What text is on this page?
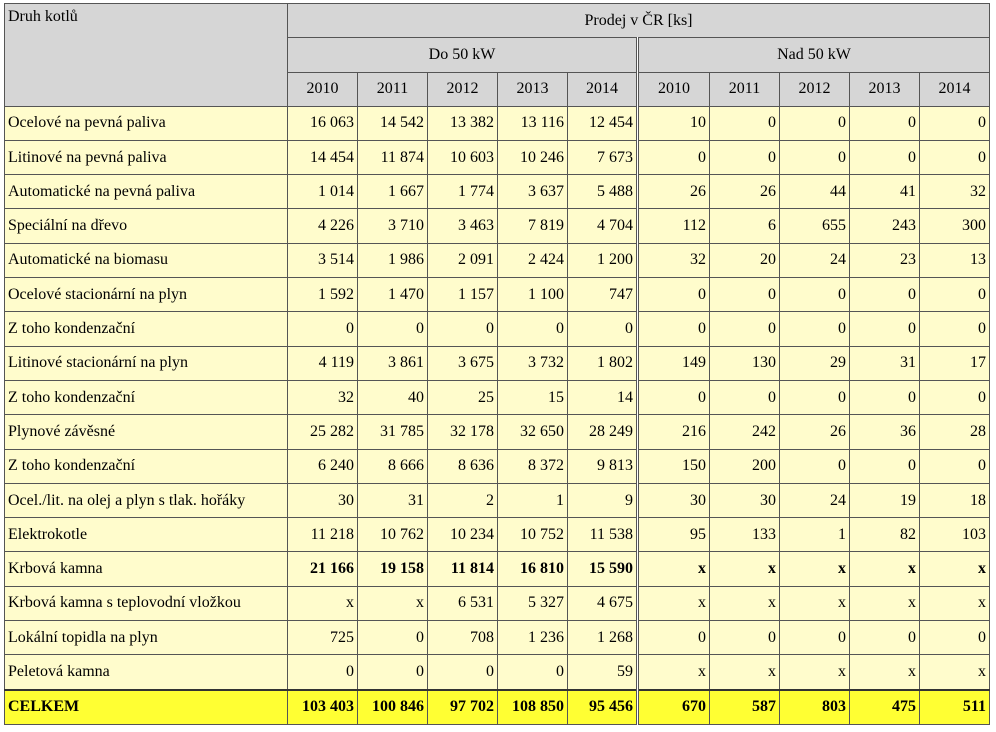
Druh kotlů	Prodej v ČR [ks]									
	Do 50 kW					Nad 50 kW				
	2010	2011	2012	2013	2014	2010	2011	2012	2013	2014
Ocelové na pevná paliva	16 063	14 542	13 382	13 116	12 454	10	0	0	0	0
Litinové na pevná paliva	14 454	11 874	10 603	10 246	7 673	0	0	0	0	0
Automatické na pevná paliva	1 014	1 667	1 774	3 637	5 488	26	26	44	41	32
Speciální na dřevo	4 226	3 710	3 463	7 819	4 704	112	6	655	243	300
Automatické na biomasu	3 514	1 986	2 091	2 424	1 200	32	20	24	23	13
Ocelové stacionární na plyn	1 592	1 470	1 157	1 100	747	0	0	0	0	0
Z toho kondenzační	0	0	0	0	0	0	0	0	0	0
Litinové stacionární na plyn	4 119	3 861	3 675	3 732	1 802	149	130	29	31	17
Z toho kondenzační	32	40	25	15	14	0	0	0	0	0
Plynové závěsné	25 282	31 785	32 178	32 650	28 249	216	242	26	36	28
Z toho kondenzační	6 240	8 666	8 636	8 372	9 813	150	200	0	0	0
Ocel./lit. na olej a plyn s tlak. hořáky	30	31	2	1	9	30	30	24	19	18
Elektrokotle	11 218	10 762	10 234	10 752	11 538	95	133	1	82	103
Krbová kamna	21 166	19 158	11 814	16 810	15 590	x	x	x	x	x
Krbová kamna s teplovodní vložkou	x	x	6 531	5 327	4 675	x	x	x	x	x
Lokální topidla na plyn	725	0	708	1 236	1 268	0	0	0	0	0
Peletová kamna	0	0	0	0	59	x	x	x	x	x
CELKEM	103 403	100 846	97 702	108 850	95 456	670	587	803	475	511
